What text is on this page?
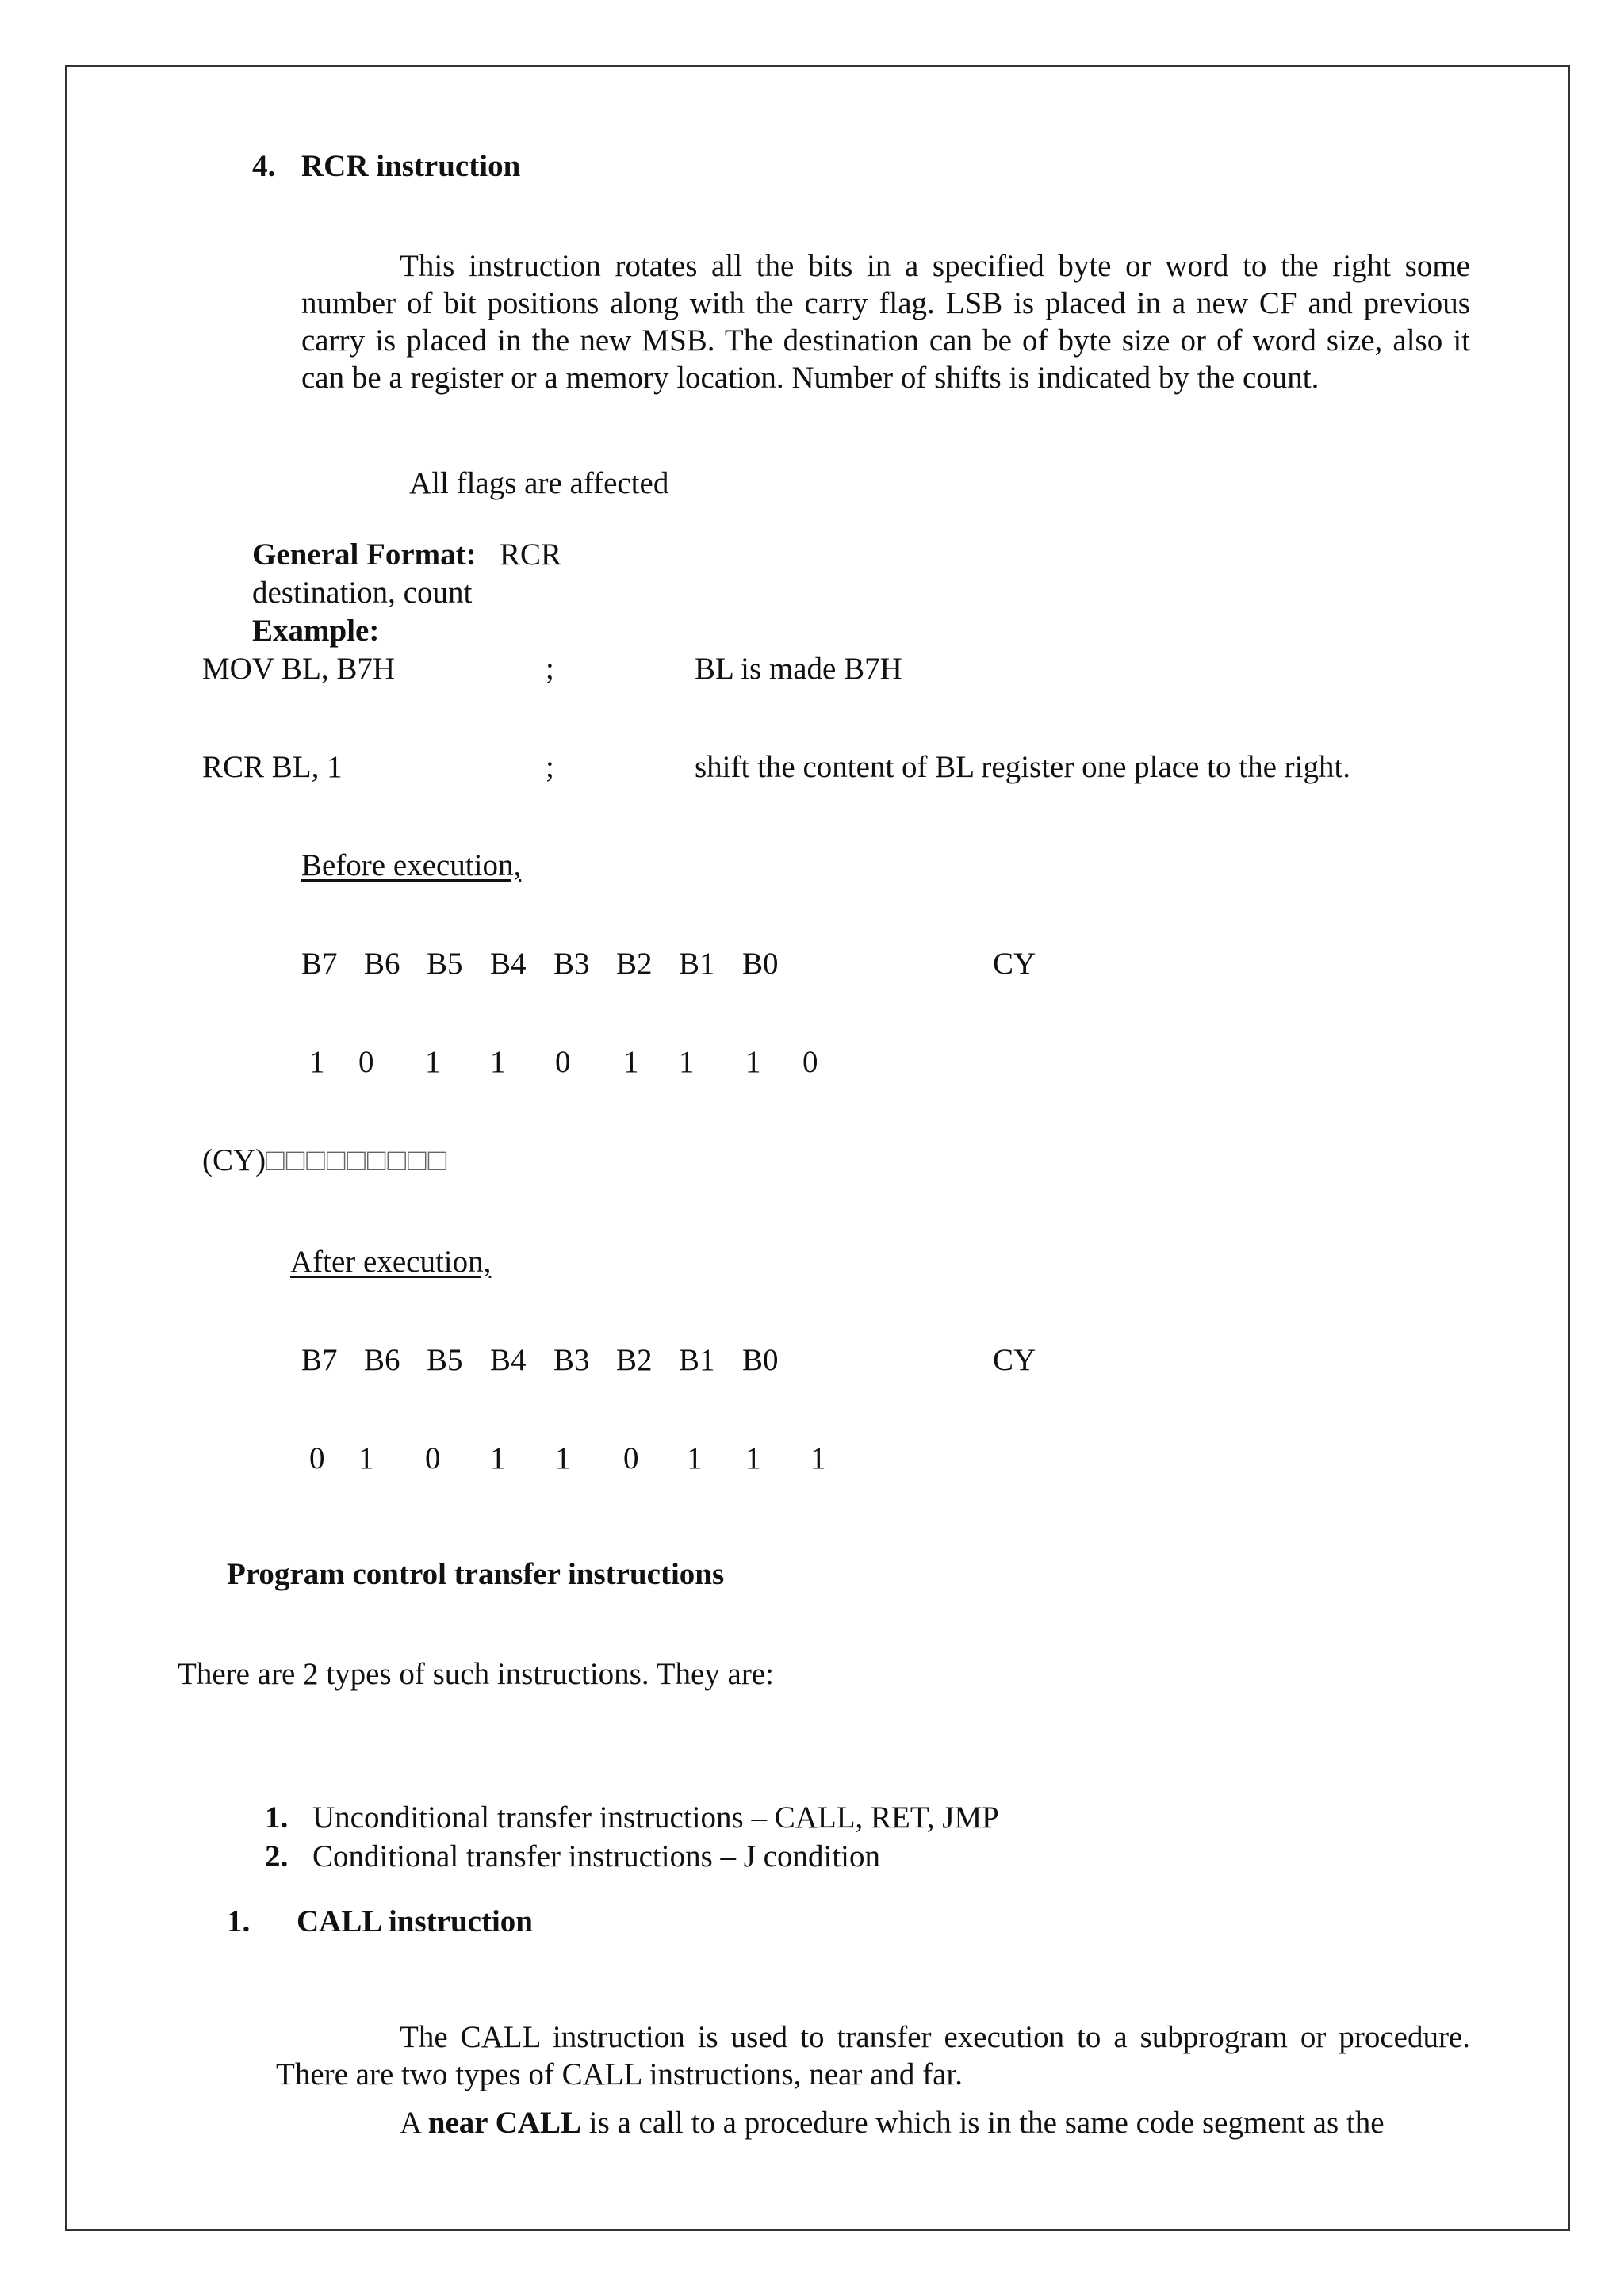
4. RCR instruction
This instruction rotates all the bits in a specified byte or word to the right some number of bit positions along with the carry flag. LSB is placed in a new CF and previous carry is placed in the new MSB. The destination can be of byte size or of word size, also it can be a register or a memory location. Number of shifts is indicated by the count.
All flags are affected
General Format: RCR
destination, count
Example:
MOV BL, B7H	;	BL is made B7H
RCR BL, 1	;	shift the content of BL register one place to the right.
Before execution,
B7 B6 B5 B4 B3 B2 B1 B0	CY
1 0 1 1 0 1 1 1 0
(CY)□□□□□□□□□
After execution,
B7 B6 B5 B4 B3 B2 B1 B0	CY
0 1 0 1 1 0 1 1 1
Program control transfer instructions
There are 2 types of such instructions. They are:
1. Unconditional transfer instructions – CALL, RET, JMP
2. Conditional transfer instructions – J condition
1. CALL instruction
The CALL instruction is used to transfer execution to a subprogram or procedure. There are two types of CALL instructions, near and far.
A near CALL is a call to a procedure which is in the same code segment as the
